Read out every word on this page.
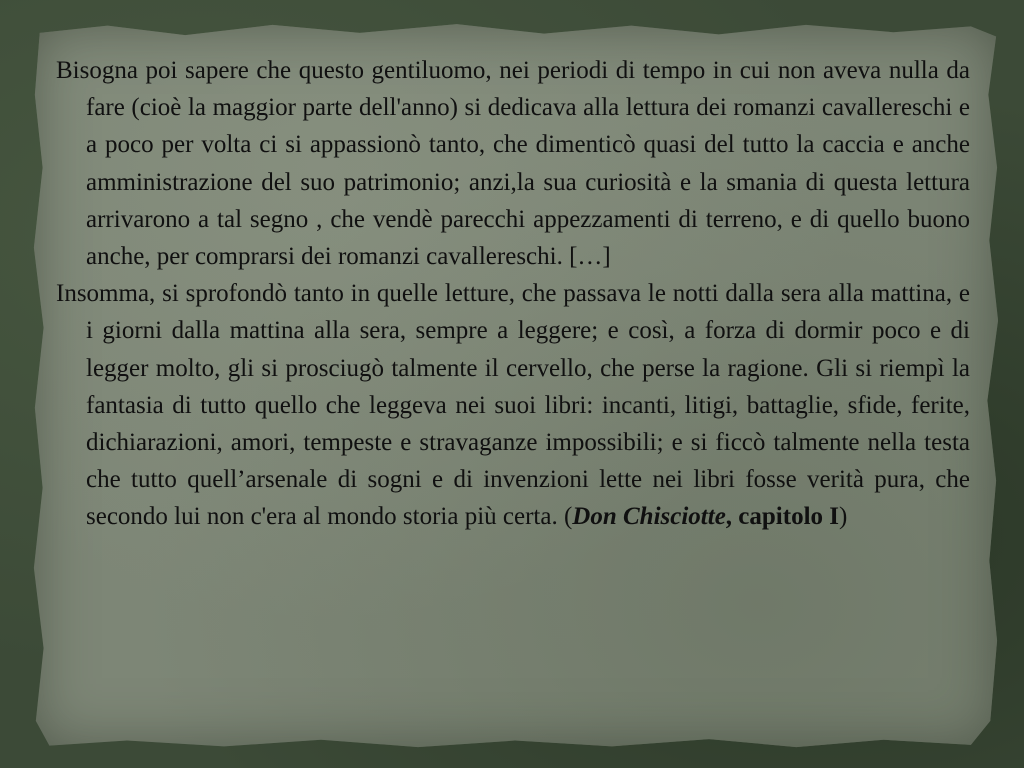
Bisogna poi sapere che questo gentiluomo, nei periodi di tempo in cui non aveva nulla da fare (cioè la maggior parte dell'anno) si dedicava alla lettura dei romanzi cavallereschi e a poco per volta ci si appassionò tanto, che dimenticò quasi del tutto la caccia e anche amministrazione del suo patrimonio; anzi,la sua curiosità e la smania di questa lettura arrivarono a tal segno , che vendè parecchi appezzamenti di terreno, e di quello buono anche, per comprarsi dei romanzi cavallereschi. […]

Insomma, si sprofondò tanto in quelle letture, che passava le notti dalla sera alla mattina, e i giorni dalla mattina alla sera, sempre a leggere; e così, a forza di dormir poco e di legger molto, gli si prosciugò talmente il cervello, che perse la ragione. Gli si riempì la fantasia di tutto quello che leggeva nei suoi libri: incanti, litigi, battaglie, sfide, ferite, dichiarazioni, amori, tempeste e stravaganze impossibili; e si ficcò talmente nella testa che tutto quell’arsenale di sogni e di invenzioni lette nei libri fosse verità pura, che secondo lui non c'era al mondo storia più certa. (Don Chisciotte, capitolo I)
